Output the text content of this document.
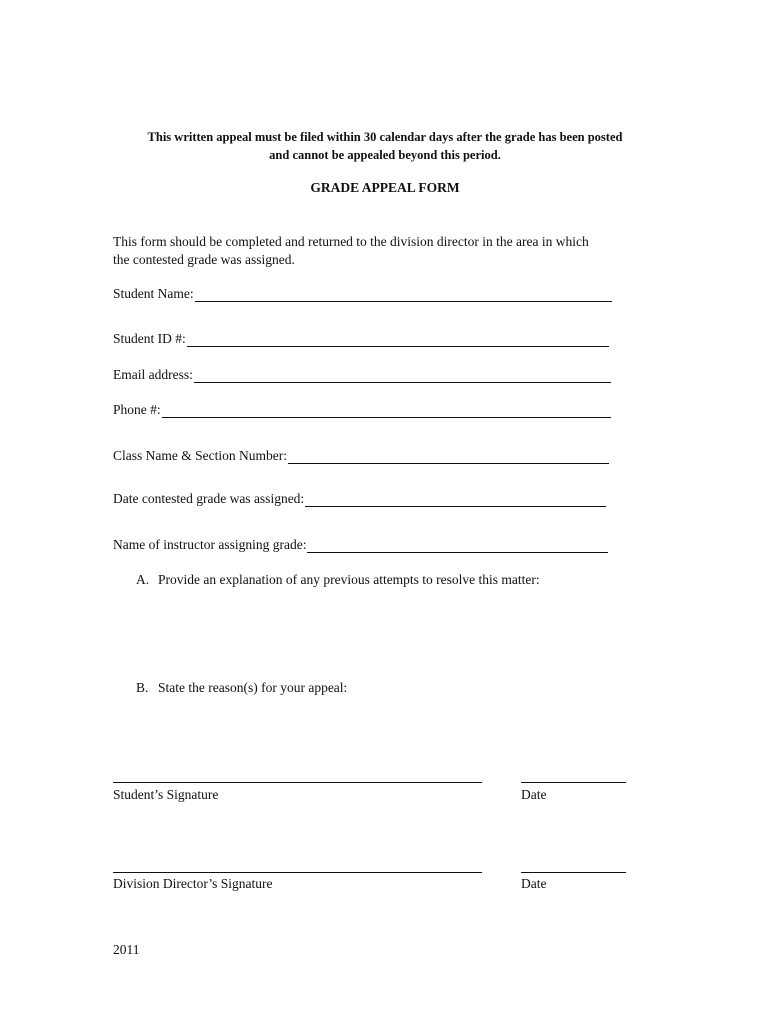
This written appeal must be filed within 30 calendar days after the grade has been posted
and cannot be appealed beyond this period.
GRADE APPEAL FORM
This form should be completed and returned to the division director in the area in which
the contested grade was assigned.
Student Name:
Student ID #:
Email address:
Phone #:
Class Name & Section Number:
Date contested grade was assigned:
Name of instructor assigning grade:
A. Provide an explanation of any previous attempts to resolve this matter:
B. State the reason(s) for your appeal:
Student’s Signature	Date
Division Director’s Signature	Date
2011
